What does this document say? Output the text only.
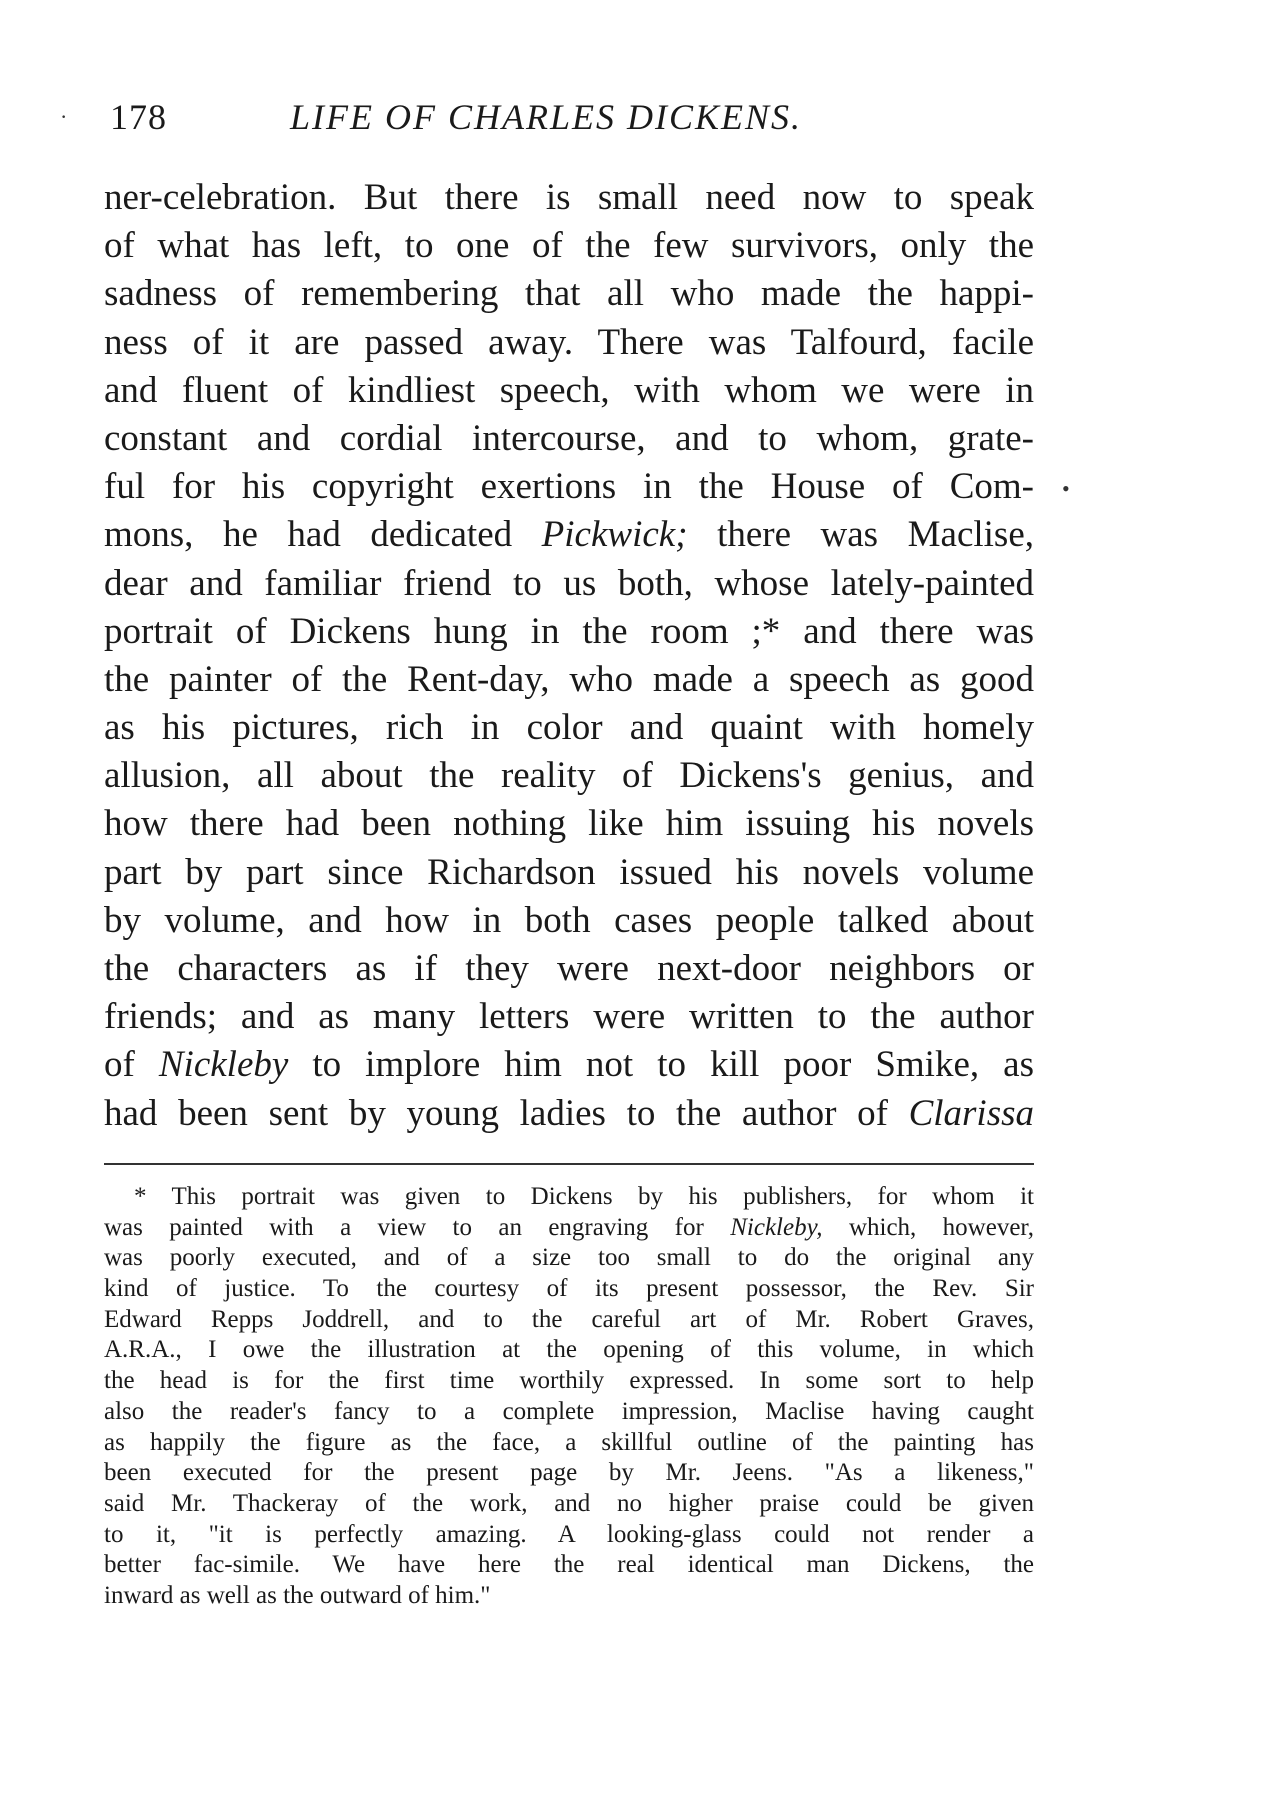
178	LIFE OF CHARLES DICKENS.
ner-celebration. But there is small need now to speak
of what has left, to one of the few survivors, only the
sadness of remembering that all who made the happi-
ness of it are passed away. There was Talfourd, facile
and fluent of kindliest speech, with whom we were in
constant and cordial intercourse, and to whom, grate-
ful for his copyright exertions in the House of Com-
mons, he had dedicated Pickwick; there was Maclise,
dear and familiar friend to us both, whose lately-painted
portrait of Dickens hung in the room ;* and there was
the painter of the Rent-day, who made a speech as good
as his pictures, rich in color and quaint with homely
allusion, all about the reality of Dickens's genius, and
how there had been nothing like him issuing his novels
part by part since Richardson issued his novels volume
by volume, and how in both cases people talked about
the characters as if they were next-door neighbors or
friends; and as many letters were written to the author
of Nickleby to implore him not to kill poor Smike, as
had been sent by young ladies to the author of Clarissa
* This portrait was given to Dickens by his publishers, for whom it
was painted with a view to an engraving for Nickleby, which, however,
was poorly executed, and of a size too small to do the original any
kind of justice. To the courtesy of its present possessor, the Rev. Sir
Edward Repps Joddrell, and to the careful art of Mr. Robert Graves,
A.R.A., I owe the illustration at the opening of this volume, in which
the head is for the first time worthily expressed. In some sort to help
also the reader's fancy to a complete impression, Maclise having caught
as happily the figure as the face, a skillful outline of the painting has
been executed for the present page by Mr. Jeens. "As a likeness,"
said Mr. Thackeray of the work, and no higher praise could be given
to it, "it is perfectly amazing. A looking-glass could not render a
better fac-simile. We have here the real identical man Dickens, the
inward as well as the outward of him."
·
•
